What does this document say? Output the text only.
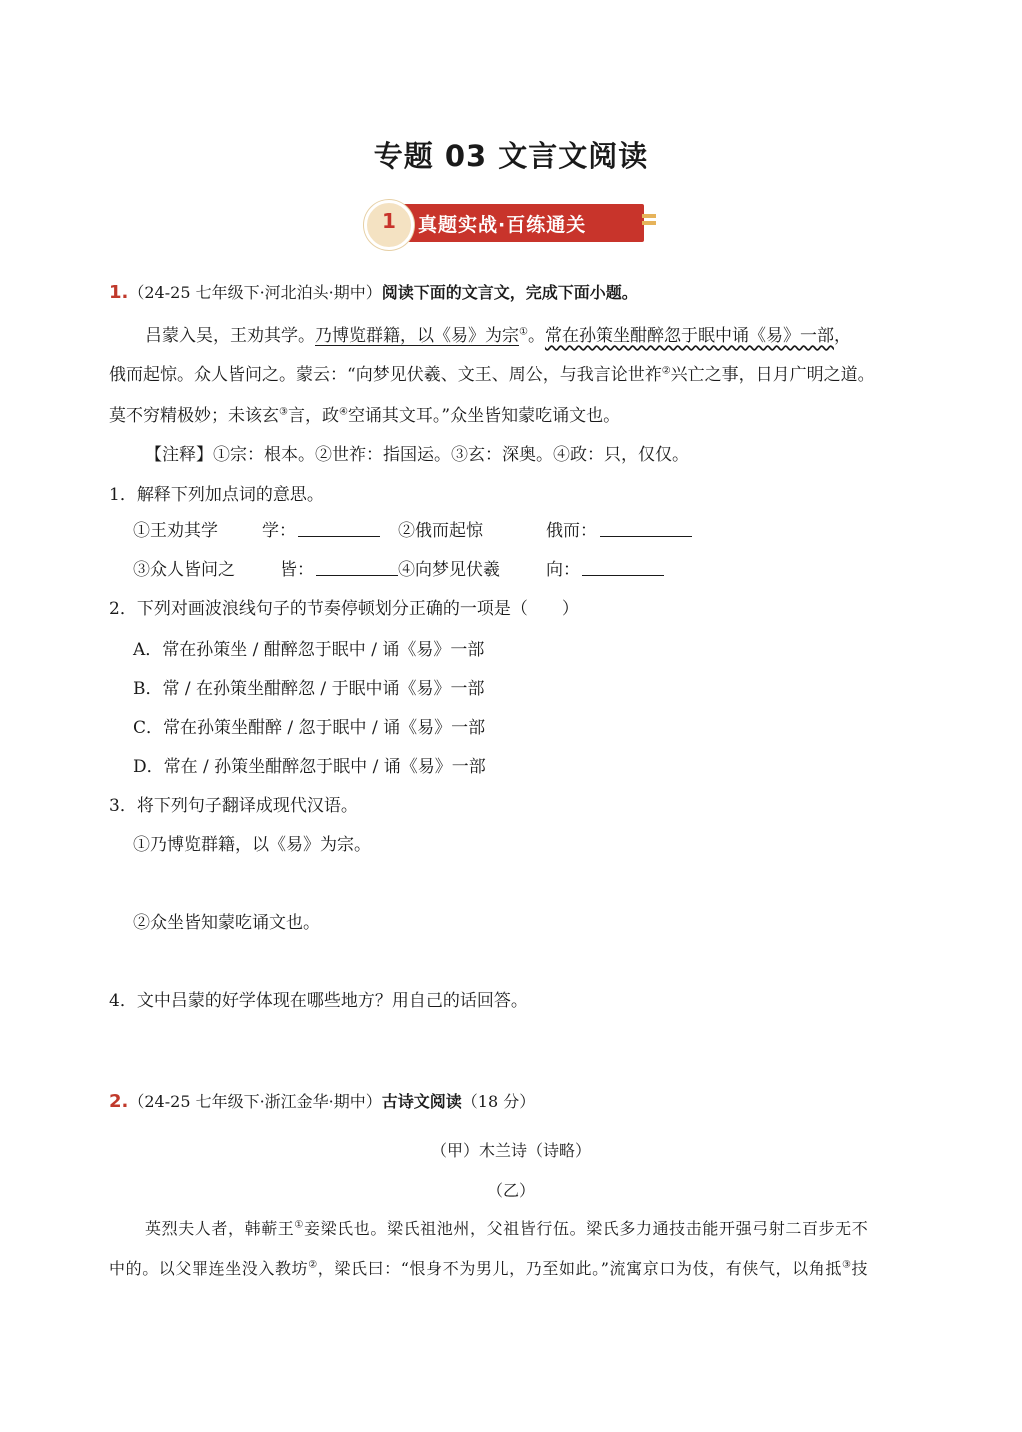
专题 03 文言文阅读
1	真题实战·百练通关
1.（24-25 七年级下·河北泊头·期中）阅读下面的文言文，完成下面小题。
吕蒙入吴，王劝其学。乃博览群籍，以《易》为宗①。常在孙策坐酣醉忽于眠中诵《易》一部，
俄而起惊。众人皆问之。蒙云：“向梦见伏羲、文王、周公，与我言论世祚②兴亡之事，日月广明之道。
莫不穷精极妙；未该玄③言，政④空诵其文耳。”众坐皆知蒙吃诵文也。
【注释】①宗：根本。②世祚：指国运。③玄：深奥。④政：只，仅仅。
1．解释下列加点词的意思。
①王劝其学	学：	②俄而起惊	俄而：
③众人皆问之	皆：	④向梦见伏羲	向：
2．下列对画波浪线句子的节奏停顿划分正确的一项是（　　）
A．常在孙策坐 / 酣醉忽于眠中 / 诵《易》一部
B．常 / 在孙策坐酣醉忽 / 于眠中诵《易》一部
C．常在孙策坐酣醉 / 忽于眠中 / 诵《易》一部
D．常在 / 孙策坐酣醉忽于眠中 / 诵《易》一部
3．将下列句子翻译成现代汉语。
①乃博览群籍，以《易》为宗。
②众坐皆知蒙吃诵文也。
4．文中吕蒙的好学体现在哪些地方？用自己的话回答。
2.（24-25 七年级下·浙江金华·期中）古诗文阅读（18 分）
（甲）木兰诗（诗略）
（乙）
英烈夫人者，韩蕲王①妾梁氏也。梁氏祖池州，父祖皆行伍。梁氏多力通技击能开强弓射二百步无不
中的。以父罪连坐没入教坊②，梁氏曰：“恨身不为男儿，乃至如此。”流寓京口为伎，有侠气，以角抵③技
